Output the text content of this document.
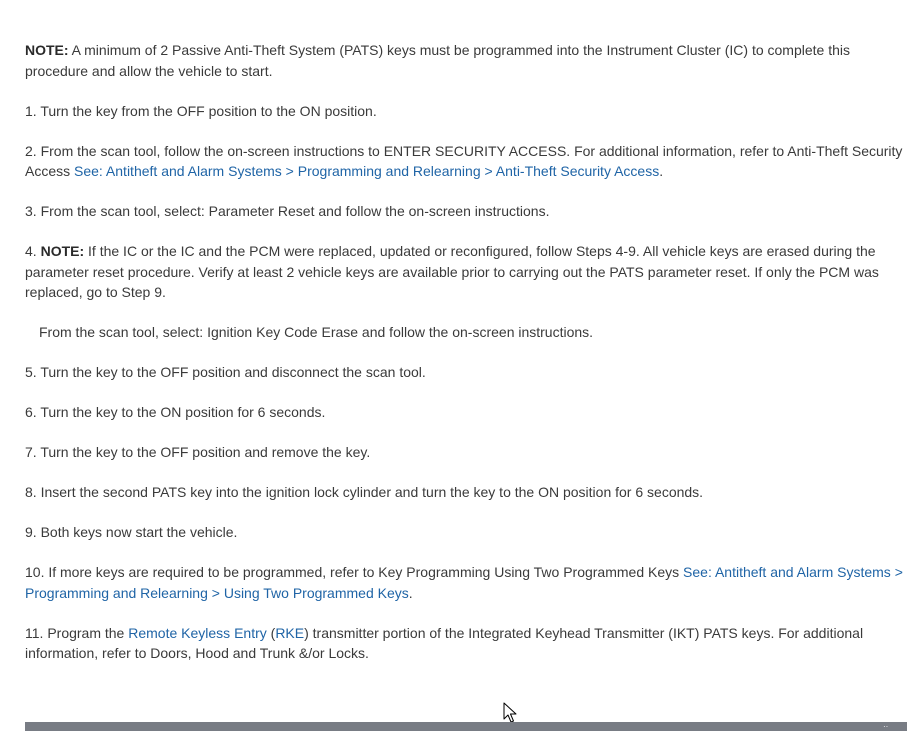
NOTE: A minimum of 2 Passive Anti-Theft System (PATS) keys must be programmed into the Instrument Cluster (IC) to complete this procedure and allow the vehicle to start.

1. Turn the key from the OFF position to the ON position.

2. From the scan tool, follow the on-screen instructions to ENTER SECURITY ACCESS. For additional information, refer to Anti-Theft Security Access See: Antitheft and Alarm Systems > Programming and Relearning > Anti-Theft Security Access.

3. From the scan tool, select: Parameter Reset and follow the on-screen instructions.

4. NOTE: If the IC or the IC and the PCM were replaced, updated or reconfigured, follow Steps 4-9. All vehicle keys are erased during the parameter reset procedure. Verify at least 2 vehicle keys are available prior to carrying out the PATS parameter reset. If only the PCM was replaced, go to Step 9.

From the scan tool, select: Ignition Key Code Erase and follow the on-screen instructions.

5. Turn the key to the OFF position and disconnect the scan tool.

6. Turn the key to the ON position for 6 seconds.

7. Turn the key to the OFF position and remove the key.

8. Insert the second PATS key into the ignition lock cylinder and turn the key to the ON position for 6 seconds.

9. Both keys now start the vehicle.

10. If more keys are required to be programmed, refer to Key Programming Using Two Programmed Keys See: Antitheft and Alarm Systems > Programming and Relearning > Using Two Programmed Keys.

11. Program the Remote Keyless Entry (RKE) transmitter portion of the Integrated Keyhead Transmitter (IKT) PATS keys. For additional information, refer to Doors, Hood and Trunk &/or Locks.

··
